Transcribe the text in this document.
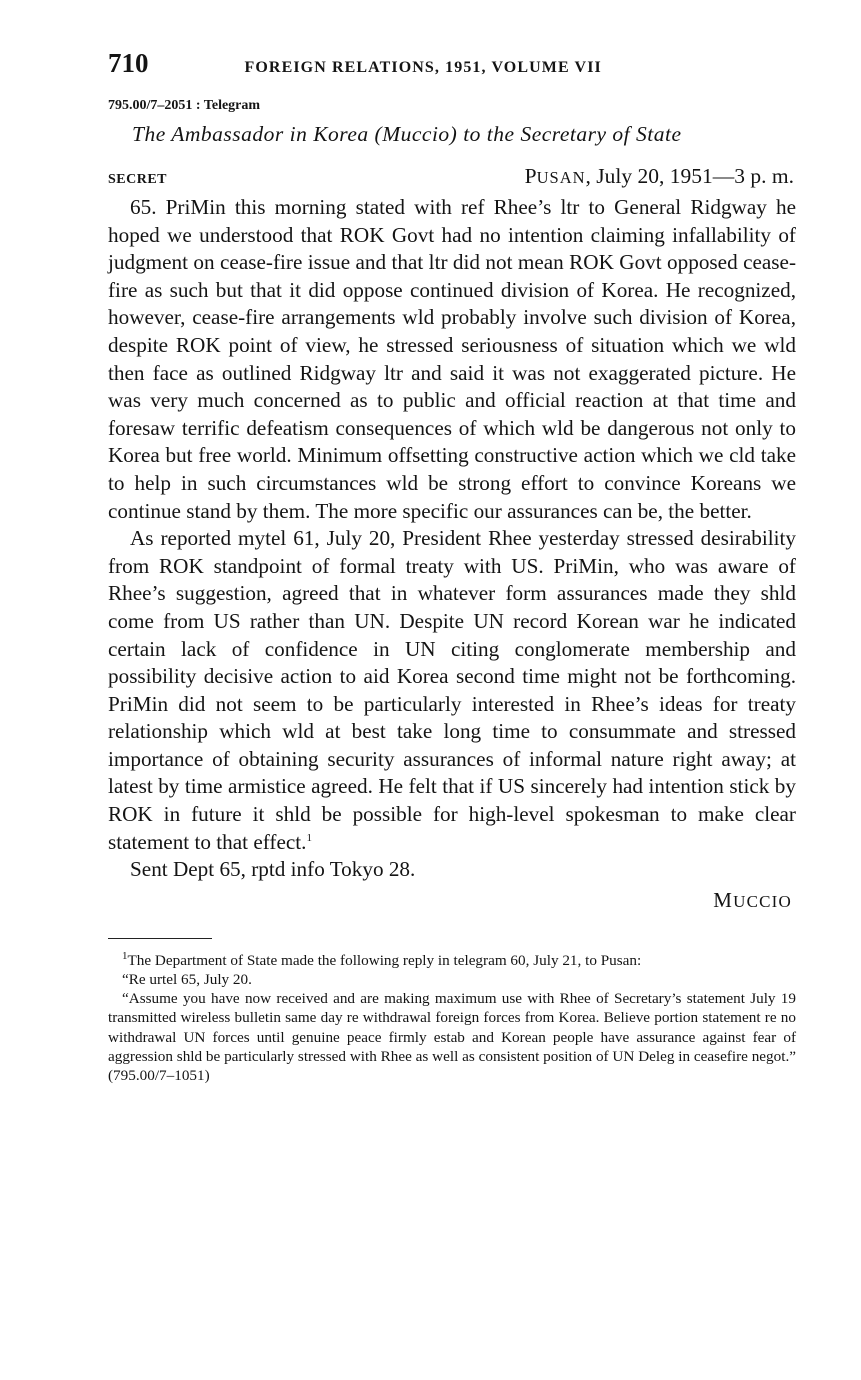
710	FOREIGN RELATIONS, 1951, VOLUME VII
795.00/7–2051 : Telegram
The Ambassador in Korea (Muccio) to the Secretary of State
SECRET	PUSAN, July 20, 1951—3 p. m.

65. PriMin this morning stated with ref Rhee’s ltr to General Ridgway he hoped we understood that ROK Govt had no intention claiming infallability of judgment on cease-fire issue and that ltr did not mean ROK Govt opposed cease-fire as such but that it did oppose continued division of Korea. He recognized, however, cease-fire arrangements wld probably involve such division of Korea, despite ROK point of view, he stressed seriousness of situation which we wld then face as outlined Ridgway ltr and said it was not exaggerated picture. He was very much concerned as to public and official reaction at that time and foresaw terrific defeatism consequences of which wld be dangerous not only to Korea but free world. Minimum offsetting constructive action which we cld take to help in such circumstances wld be strong effort to convince Koreans we continue stand by them. The more specific our assurances can be, the better.

As reported mytel 61, July 20, President Rhee yesterday stressed desirability from ROK standpoint of formal treaty with US. PriMin, who was aware of Rhee’s suggestion, agreed that in whatever form assurances made they shld come from US rather than UN. Despite UN record Korean war he indicated certain lack of confidence in UN citing conglomerate membership and possibility decisive action to aid Korea second time might not be forthcoming. PriMin did not seem to be particularly interested in Rhee’s ideas for treaty relationship which wld at best take long time to consummate and stressed importance of obtaining security assurances of informal nature right away; at latest by time armistice agreed. He felt that if US sincerely had intention stick by ROK in future it shld be possible for high-level spokesman to make clear statement to that effect.$^1$

Sent Dept 65, rptd info Tokyo 28.

MUCCIO

$^1$The Department of State made the following reply in telegram 60, July 21, to Pusan:

“Re urtel 65, July 20.

“Assume you have now received and are making maximum use with Rhee of Secretary’s statement July 19 transmitted wireless bulletin same day re withdrawal foreign forces from Korea. Believe portion statement re no withdrawal UN forces until genuine peace firmly estab and Korean people have assurance against fear of aggression shld be particularly stressed with Rhee as well as consistent position of UN Deleg in ceasefire negot.” (795.00/7–1051)
